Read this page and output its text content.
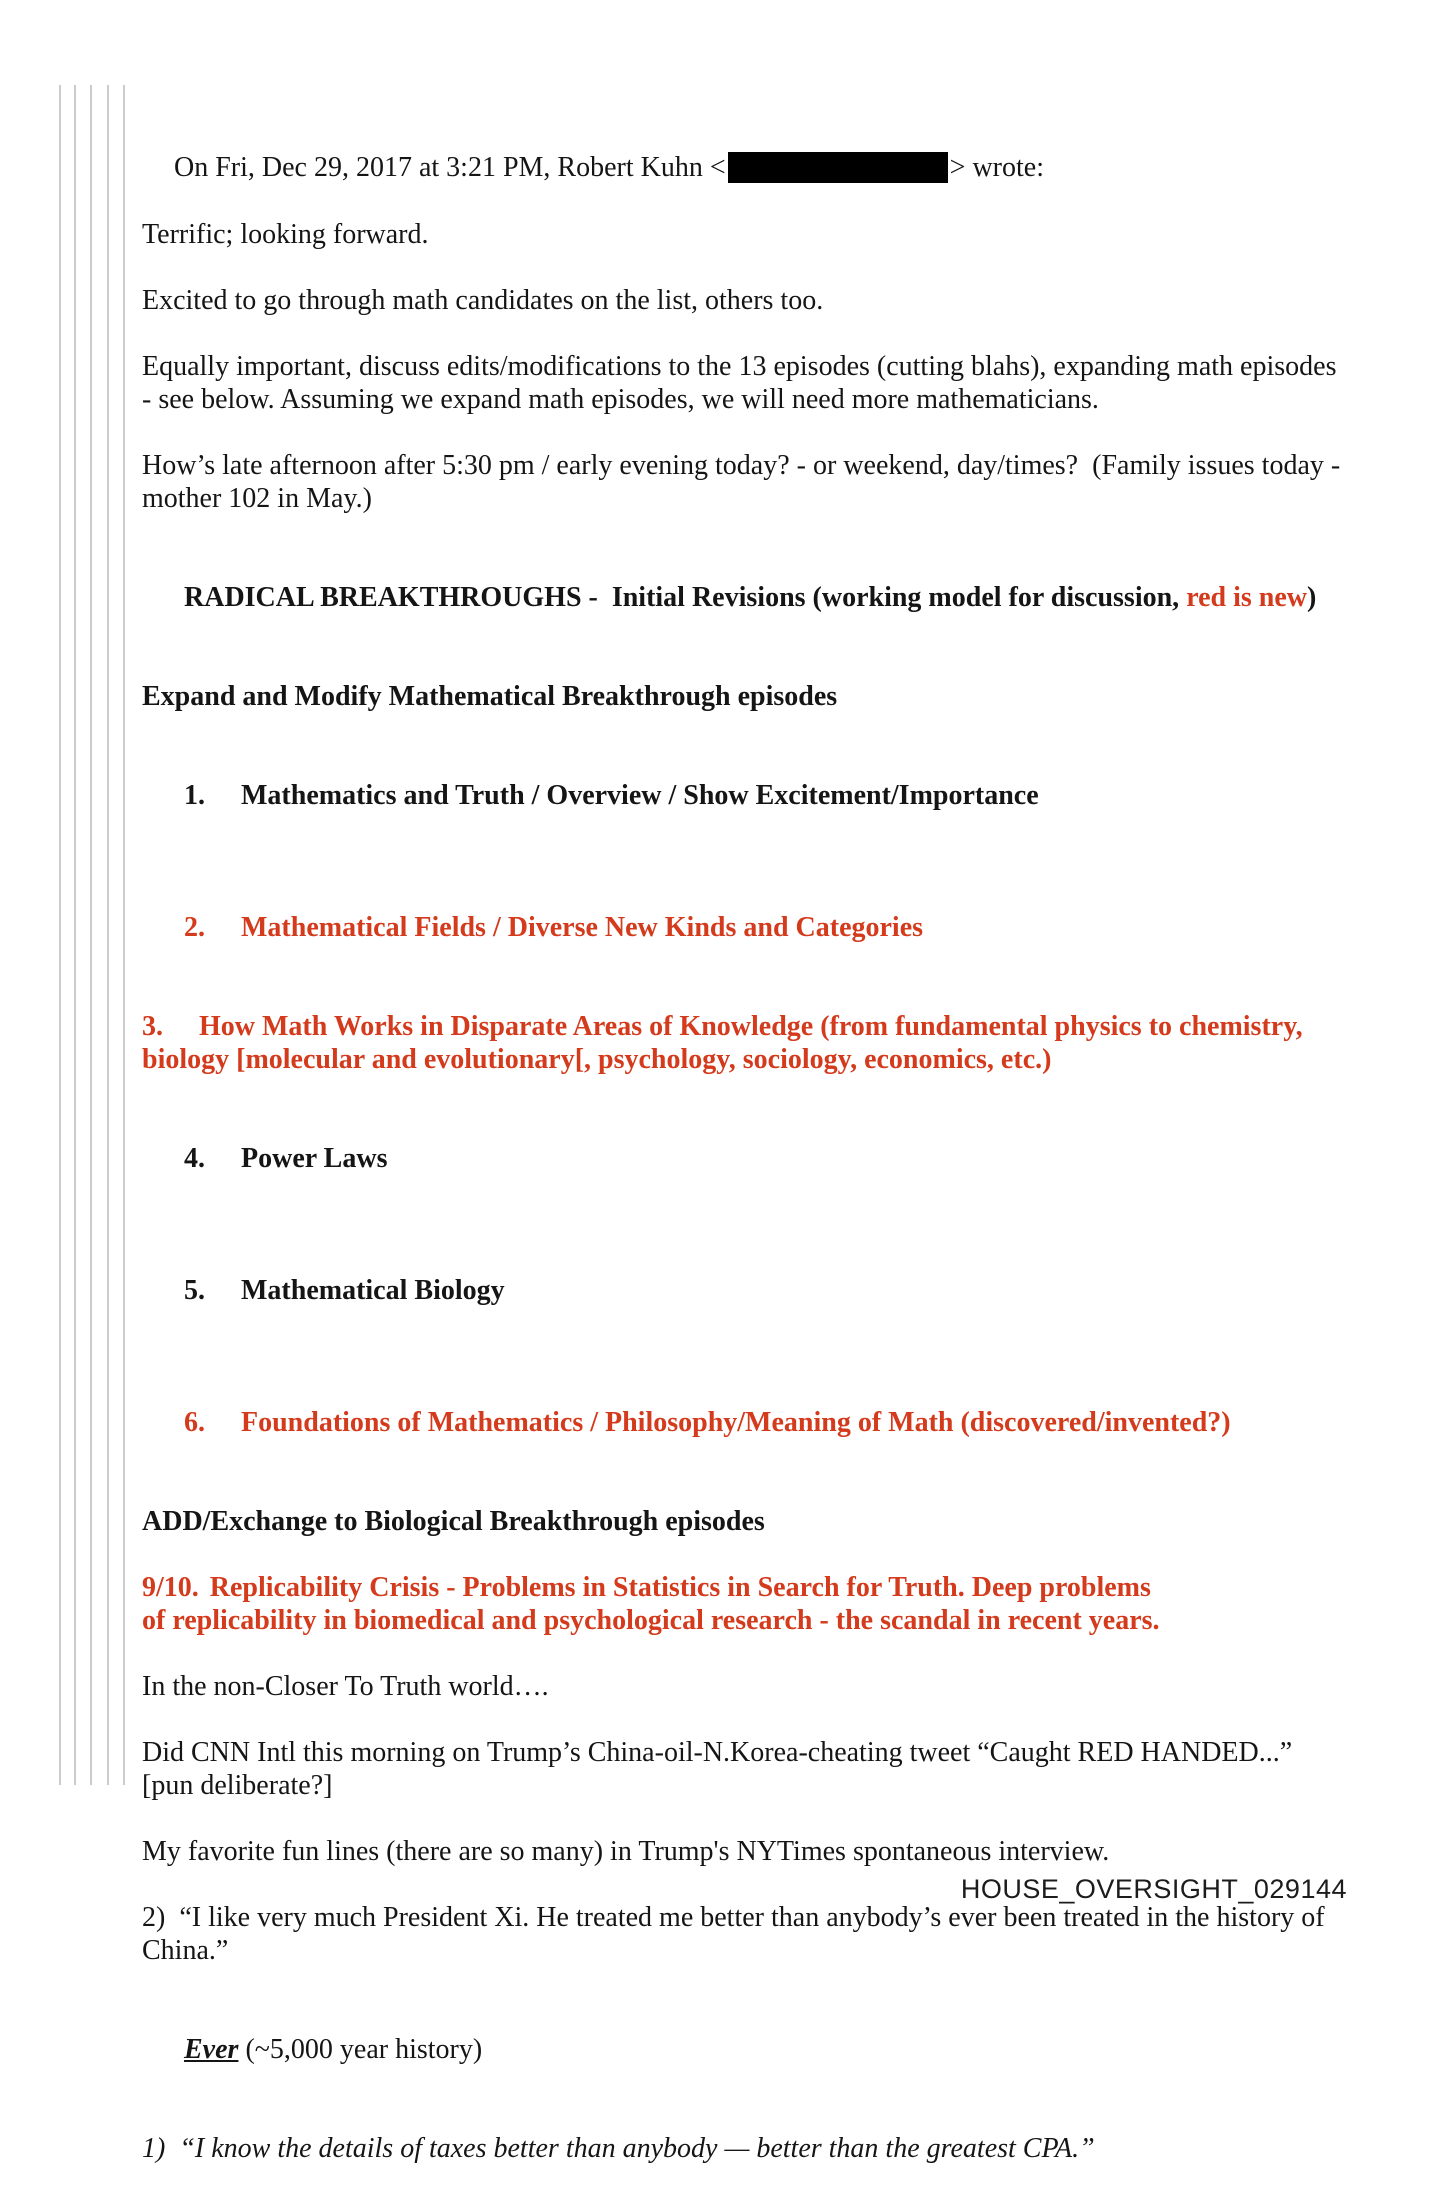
On Fri, Dec 29, 2017 at 3:21 PM, Robert Kuhn <	> wrote:

Terrific; looking forward.
Excited to go through math candidates on the list, others too.
Equally important, discuss edits/modifications to the 13 episodes (cutting blahs), expanding math episodes
- see below. Assuming we expand math episodes, we will need more mathematicians.
How’s late afternoon after 5:30 pm / early evening today? - or weekend, day/times?  (Family issues today -
mother 102 in May.)

RADICAL BREAKTHROUGHS -  Initial Revisions (working model for discussion, red is new)

Expand and Modify Mathematical Breakthrough episodes

1. Mathematics and Truth / Overview / Show Excitement/Importance

2. Mathematical Fields / Diverse New Kinds and Categories

3. How Math Works in Disparate Areas of Knowledge (from fundamental physics to chemistry,
biology [molecular and evolutionary[, psychology, sociology, economics, etc.)

4. Power Laws

5. Mathematical Biology

6. Foundations of Mathematics / Philosophy/Meaning of Math (discovered/invented?)

ADD/Exchange to Biological Breakthrough episodes
9/10. Replicability Crisis - Problems in Statistics in Search for Truth. Deep problems
of replicability in biomedical and psychological research - the scandal in recent years.
In the non-Closer To Truth world….
Did CNN Intl this morning on Trump’s China-oil-N.Korea-cheating tweet “Caught RED HANDED...”
[pun deliberate?]
My favorite fun lines (there are so many) in Trump's NYTimes spontaneous interview.
2)  “I like very much President Xi. He treated me better than anybody’s ever been treated in the history of
China.”

Ever (~5,000 year history)

1)  “I know the details of taxes better than anybody — better than the greatest CPA.”
HOUSE_OVERSIGHT_029144
